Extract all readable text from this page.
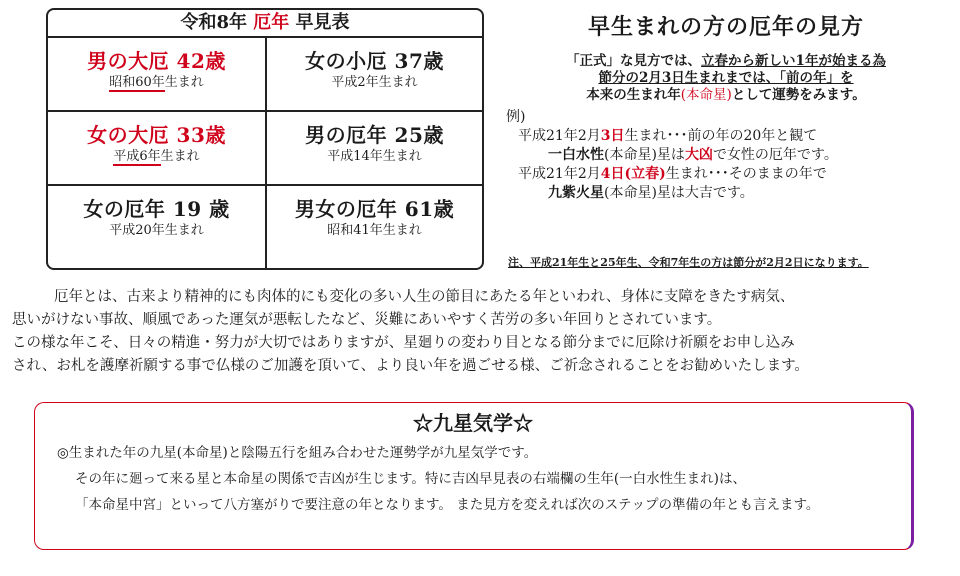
令和8年 厄年 早見表
男の大厄 42歳
昭和60年生まれ
女の小厄 37歳
平成2年生まれ
女の大厄 33歳
平成6年生まれ
男の厄年 25歳
平成14年生まれ
女の厄年 19 歳
平成20年生まれ
男女の厄年 61歳
昭和41年生まれ
早生まれの方の厄年の見方
「正式」な見方では、立春から新しい1年が始まる為
節分の2月3日生まれまでは、「前の年」を
本来の生まれ年(本命星)として運勢をみます。
例)
平成21年2月3日生まれ･･･前の年の20年と観て
一白水性(本命星)星は大凶で女性の厄年です。
平成21年2月4日(立春)生まれ･･･そのままの年で
九紫火星(本命星)星は大吉です。
注、平成21年生と25年生、令和7年生の方は節分が2月2日になります。
厄年とは、古来より精神的にも肉体的にも変化の多い人生の節目にあたる年といわれ、身体に支障をきたす病気、
思いがけない事故、順風であった運気が悪転したなど、災難にあいやすく苦労の多い年回りとされています。
この様な年こそ、日々の精進・努力が大切ではありますが、星廻りの変わり目となる節分までに厄除け祈願をお申し込み
され、お札を護摩祈願する事で仏様のご加護を頂いて、より良い年を過ごせる様、ご祈念されることをお勧めいたします。
☆九星気学☆
◎生まれた年の九星(本命星)と陰陽五行を組み合わせた運勢学が九星気学です。
その年に廻って来る星と本命星の関係で吉凶が生じます。特に吉凶早見表の右端欄の生年(一白水性生まれ)は、
「本命星中宮」といって八方塞がりで要注意の年となります。 また見方を変えれば次のステップの準備の年とも言えます。
